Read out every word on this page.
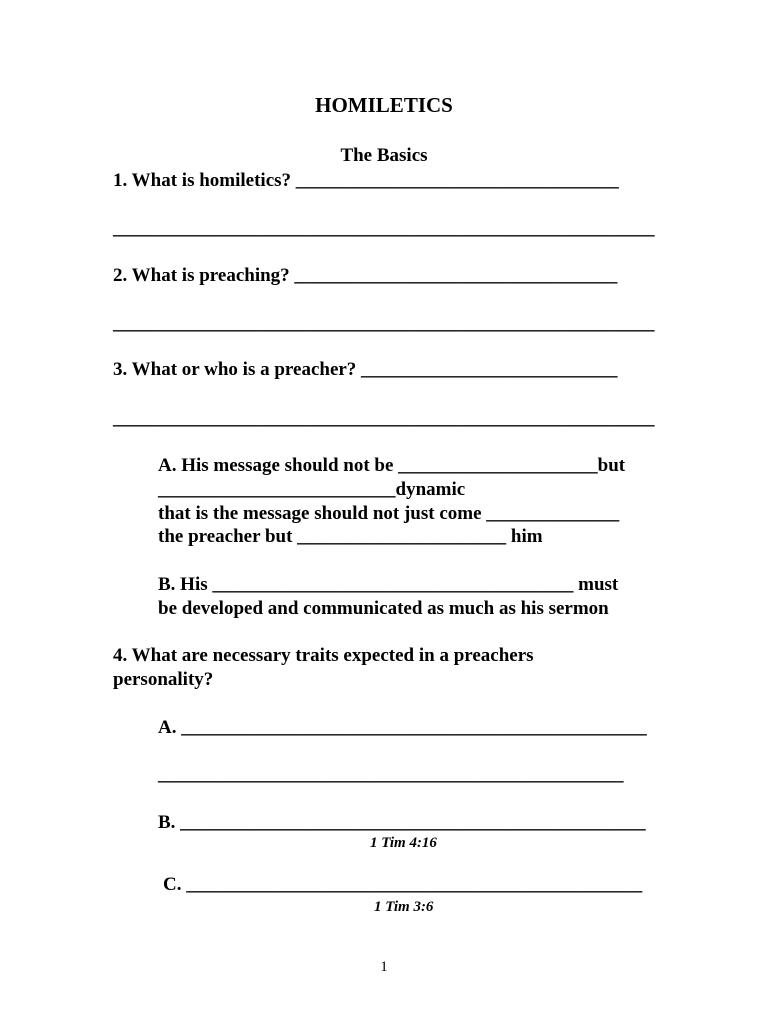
HOMILETICS
The Basics
1. What is homiletics? __________________________________
_________________________________________________________
2. What is preaching? __________________________________
_________________________________________________________
3. What or who is a preacher? ___________________________
_________________________________________________________
A. His message should not be _____________________but
_________________________dynamic
that is the message should not just come ______________
the preacher but ______________________ him
B. His ______________________________________ must
be developed and communicated as much as his sermon
4. What are necessary traits expected in a preachers
personality?
A. _________________________________________________
_________________________________________________
B. _________________________________________________
1 Tim 4:16
C. ________________________________________________
1 Tim 3:6
1
